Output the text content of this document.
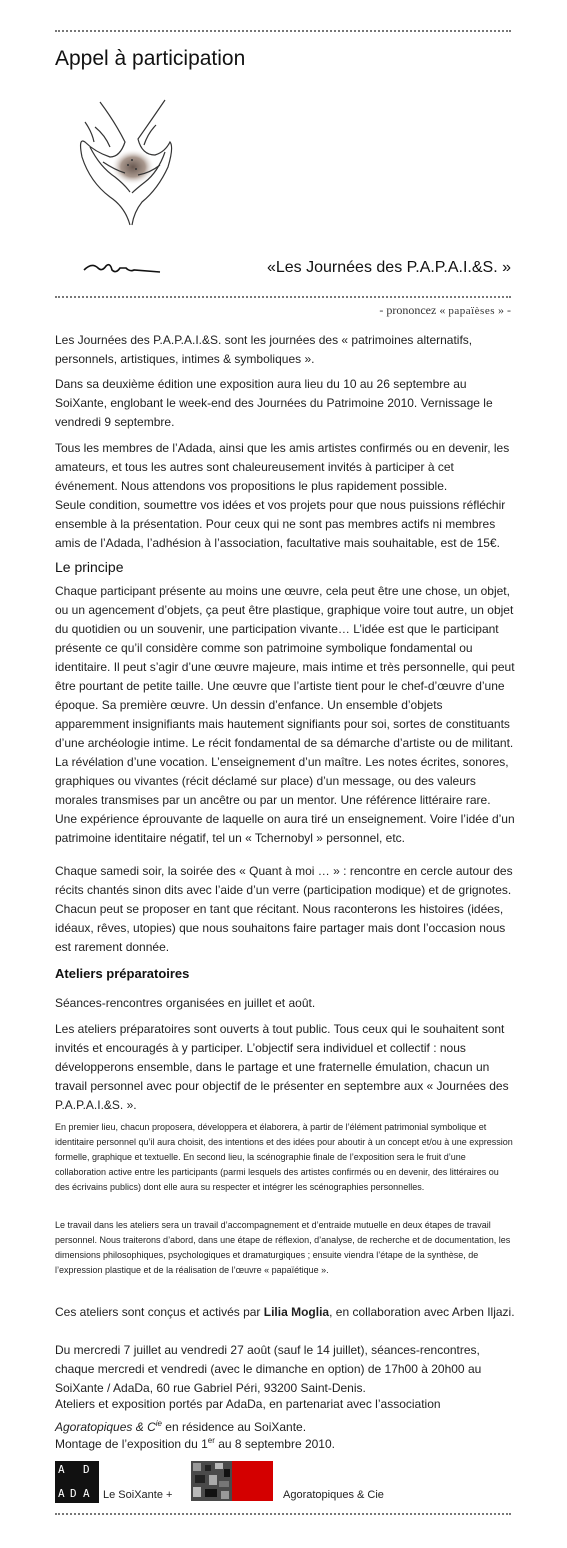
Appel à participation
«Les Journées des P.A.P.A.I.&S. »
- prononcez « papaïèses » -
Les Journées des P.A.P.A.I.&S. sont les journées des « patrimoines alternatifs, personnels, artistiques, intimes & symboliques ».
Dans sa deuxième édition une exposition aura lieu du 10 au 26 septembre au SoiXante, englobant le week-end des Journées du Patrimoine 2010. Vernissage le vendredi 9 septembre.
Tous les membres de l’Adada, ainsi que les amis artistes confirmés ou en devenir, les amateurs, et tous les autres sont chaleureusement invités à participer à cet événement. Nous attendons vos propositions le plus rapidement possible.
Seule condition, soumettre vos idées et vos projets pour que nous puissions réfléchir ensemble à la présentation. Pour ceux qui ne sont pas membres actifs ni membres amis de l’Adada, l’adhésion à l’association, facultative mais souhaitable, est de 15€.
Le principe
Chaque participant présente au moins une œuvre, cela peut être une chose, un objet, ou un agencement d’objets, ça peut être plastique, graphique voire tout autre, un objet du quotidien ou un souvenir, une participation vivante… L’idée est que le participant présente ce qu’il considère comme son patrimoine symbolique fondamental ou identitaire. Il peut s’agir d’une œuvre majeure, mais intime et très personnelle, qui peut être pourtant de petite taille. Une œuvre que l’artiste tient pour le chef-d’œuvre d’une époque. Sa première œuvre. Un dessin d’enfance. Un ensemble d’objets apparemment insignifiants mais hautement signifiants pour soi, sortes de constituants d’une archéologie intime. Le récit fondamental de sa démarche d’artiste ou de militant. La révélation d’une vocation. L’enseignement d’un maître. Les notes écrites, sonores, graphiques ou vivantes (récit déclamé sur place) d’un message, ou des valeurs morales transmises par un ancêtre ou par un mentor. Une référence littéraire rare. Une expérience éprouvante de laquelle on aura tiré un enseignement. Voire l’idée d’un patrimoine identitaire négatif, tel un « Tchernobyl » personnel, etc.
Chaque samedi soir, la soirée des « Quant à moi … » : rencontre en cercle autour des récits chantés sinon dits avec l’aide d’un verre (participation modique) et de grignotes. Chacun peut se proposer en tant que récitant. Nous raconterons les histoires (idées, idéaux, rêves, utopies) que nous souhaitons faire partager mais dont l’occasion nous est rarement donnée.
Ateliers préparatoires
Séances-rencontres organisées en juillet et août.
Les ateliers préparatoires sont ouverts à tout public. Tous ceux qui le souhaitent sont invités et encouragés à y participer. L’objectif sera individuel et collectif : nous développerons ensemble, dans le partage et une fraternelle émulation, chacun un travail personnel avec pour objectif de le présenter en septembre aux « Journées des P.A.P.A.I.&S. ».
En premier lieu, chacun proposera, développera et élaborera, à partir de l’élément patrimonial symbolique et identitaire personnel qu’il aura choisit, des intentions et des idées pour aboutir à un concept et/ou à une expression formelle, graphique et textuelle. En second lieu, la scénographie finale de l’exposition sera le fruit d’une collaboration active entre les participants (parmi lesquels des artistes confirmés ou en devenir, des littéraires ou des écrivains publics) dont elle aura su respecter et intégrer les scénographies personnelles.
Le travail dans les ateliers sera un travail d’accompagnement et d’entraide mutuelle en deux étapes de travail personnel. Nous traiterons d’abord, dans une étape de réflexion, d’analyse, de recherche et de documentation, les dimensions philosophiques, psychologiques et dramaturgiques ; ensuite viendra l’étape de la synthèse, de l’expression plastique et de la réalisation de l’œuvre « papaïétique ».
Ces ateliers sont conçus et activés par Lilia Moglia, en collaboration avec Arben Iljazi.
Du mercredi 7 juillet au vendredi 27 août (sauf le 14 juillet), séances-rencontres, chaque mercredi et vendredi (avec le dimanche en option) de 17h00 à 20h00 au SoiXante / AdaDa, 60 rue Gabriel Péri, 93200 Saint-Denis.
Ateliers et exposition portés par AdaDa, en partenariat avec l’association Agoratopiques & $C^{ie}$ en résidence au SoiXante.
Montage de l’exposition du 1er au 8 septembre 2010.
A D
A D A Le SoiXante +	Agoratopiques & Cie
